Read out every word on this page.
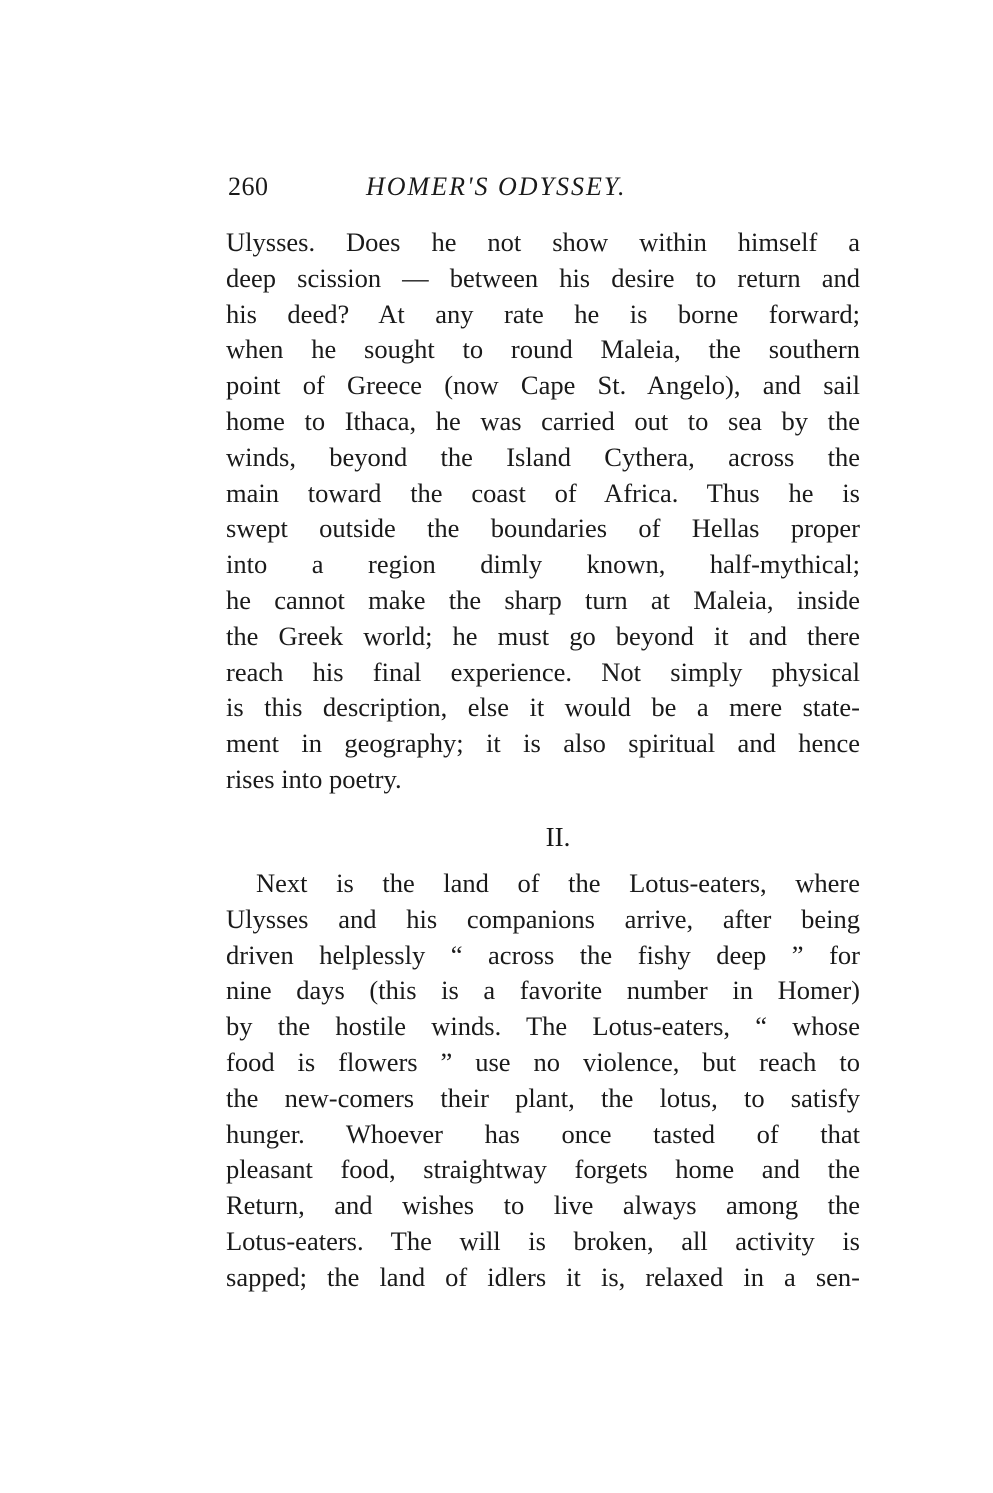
260	HOMER'S ODYSSEY.
Ulysses. Does he not show within himself a
deep scission — between his desire to return and
his deed? At any rate he is borne forward;
when he sought to round Maleia, the southern
point of Greece (now Cape St. Angelo), and sail
home to Ithaca, he was carried out to sea by the
winds, beyond the Island Cythera, across the
main toward the coast of Africa. Thus he is
swept outside the boundaries of Hellas proper
into a region dimly known, half-mythical;
he cannot make the sharp turn at Maleia, inside
the Greek world; he must go beyond it and there
reach his final experience. Not simply physical
is this description, else it would be a mere state-
ment in geography; it is also spiritual and hence
rises into poetry.
II.
Next is the land of the Lotus-eaters, where
Ulysses and his companions arrive, after being
driven helplessly “ across the fishy deep ” for
nine days (this is a favorite number in Homer)
by the hostile winds. The Lotus-eaters, “ whose
food is flowers ” use no violence, but reach to
the new-comers their plant, the lotus, to satisfy
hunger. Whoever has once tasted of that
pleasant food, straightway forgets home and the
Return, and wishes to live always among the
Lotus-eaters. The will is broken, all activity is
sapped; the land of idlers it is, relaxed in a sen-
